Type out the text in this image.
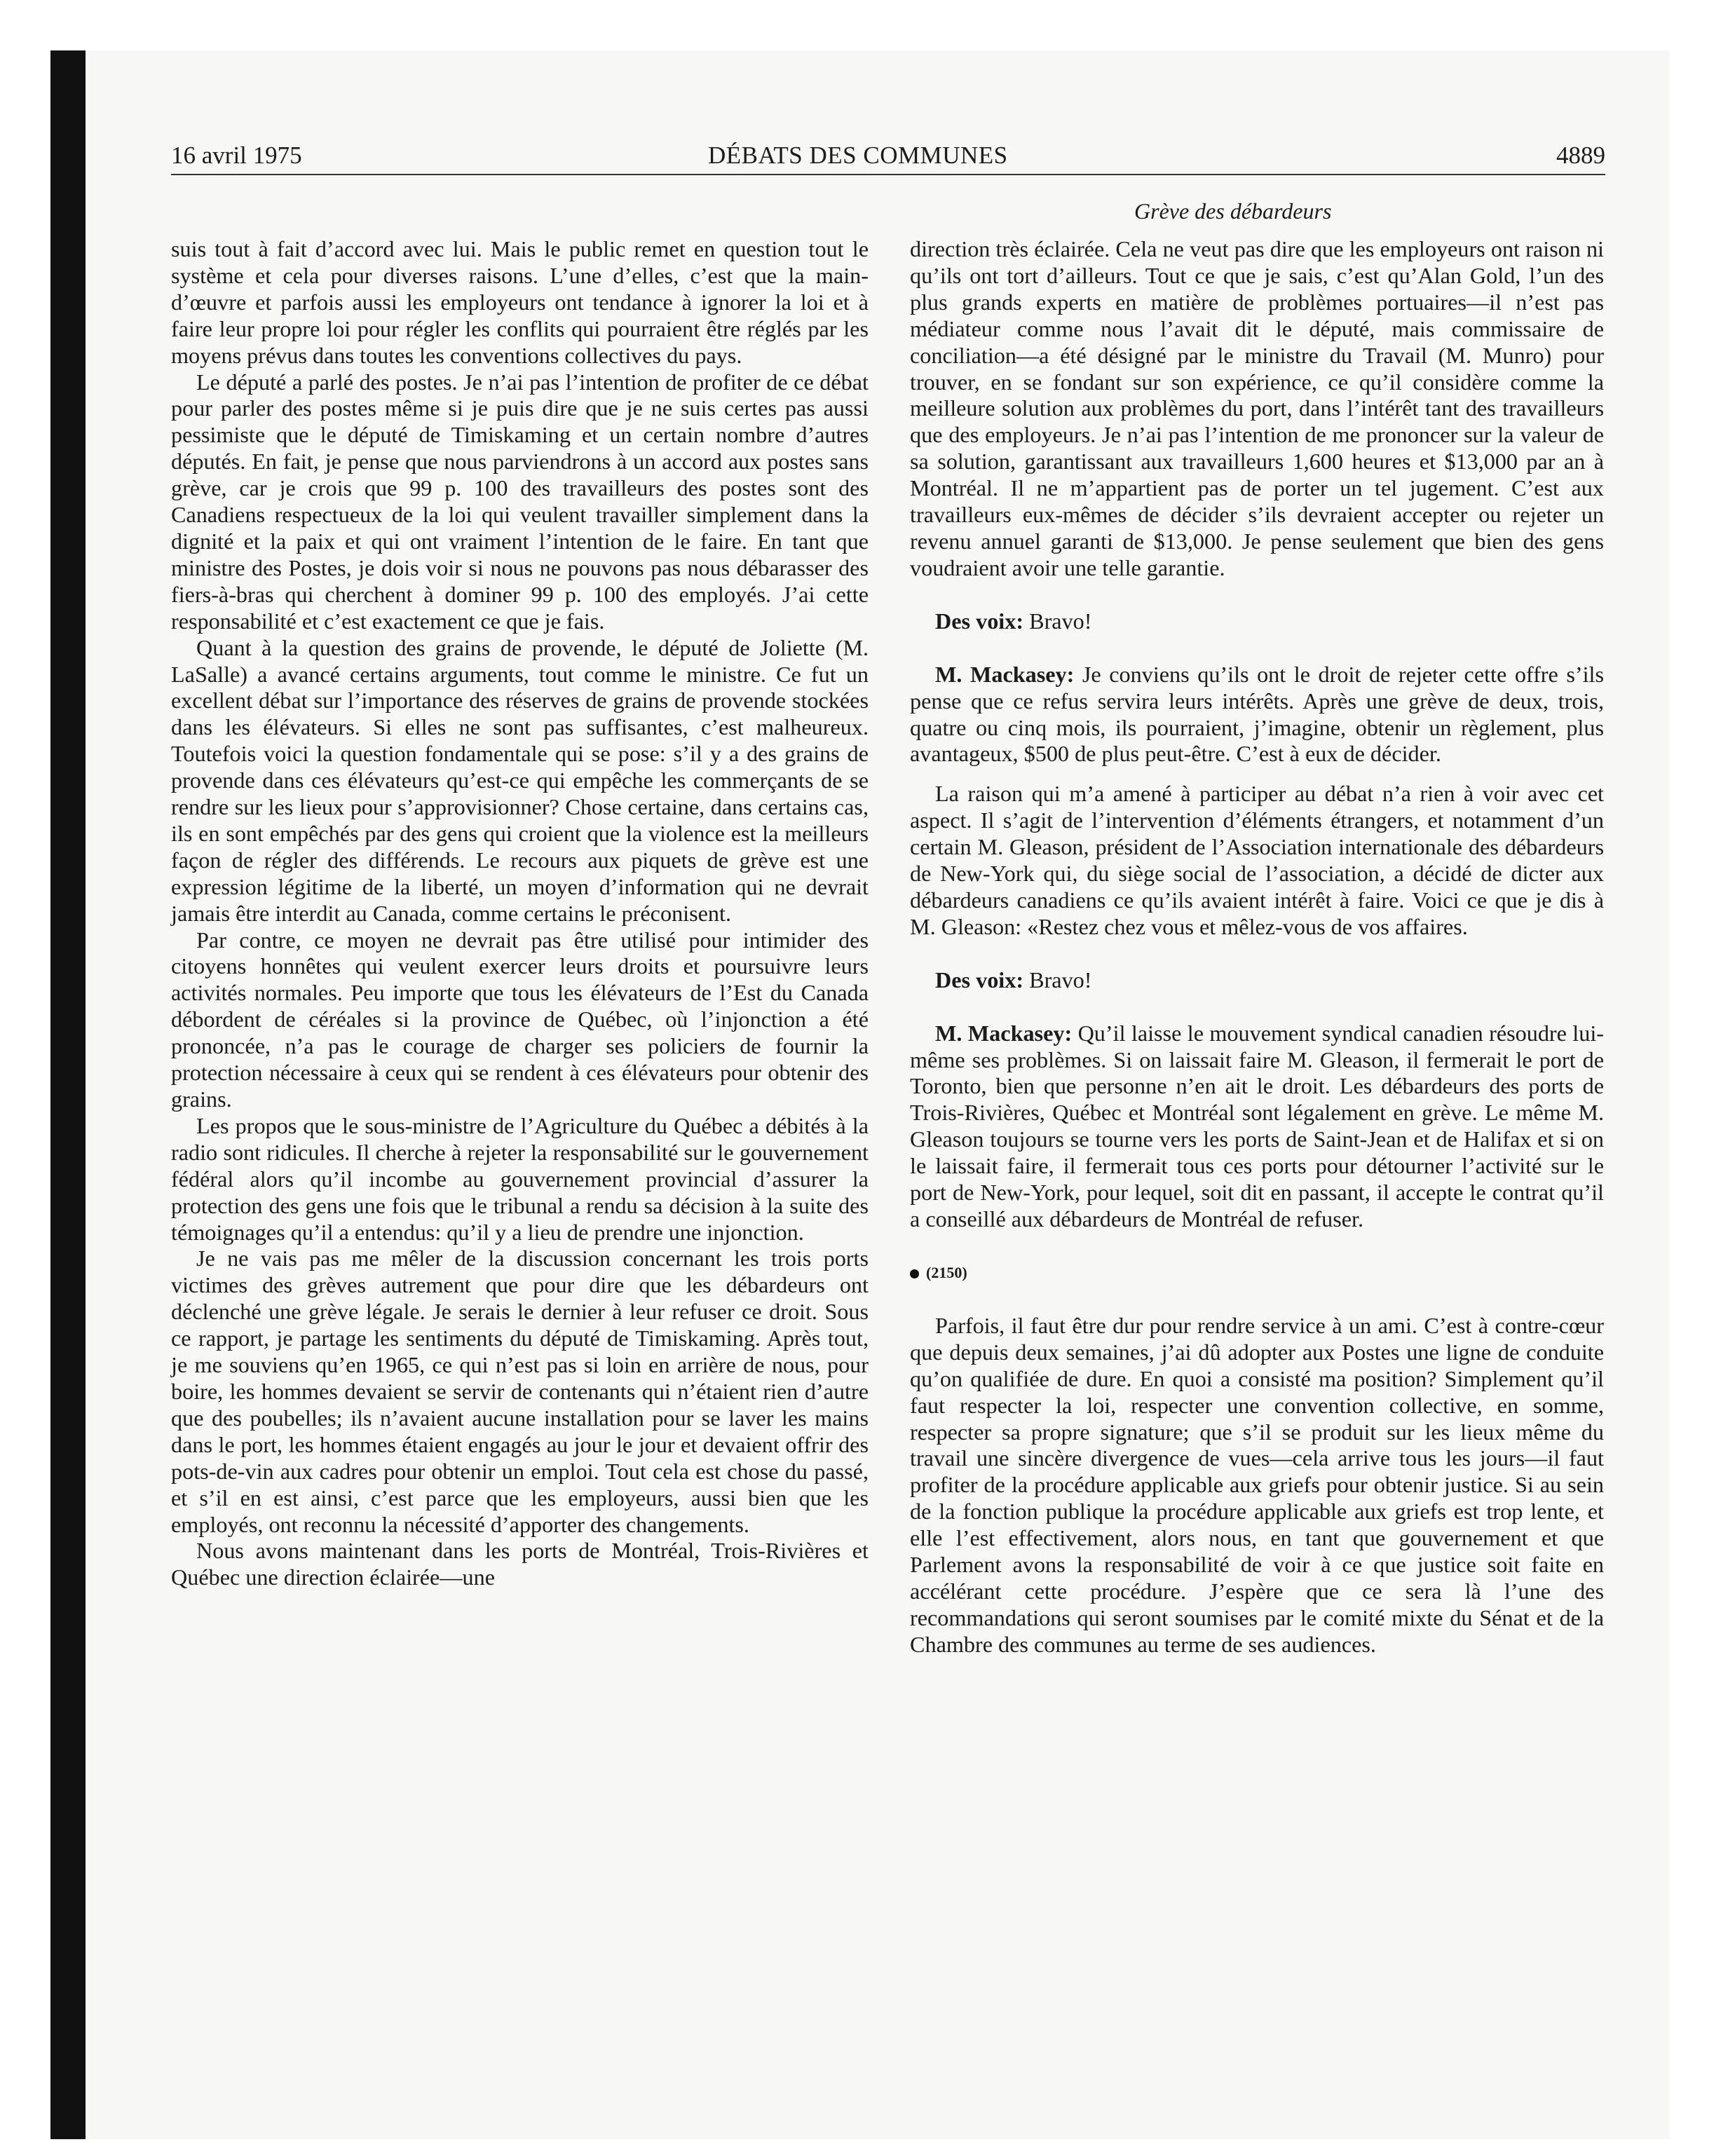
16 avril 1975	DÉBATS DES COMMUNES	4889
Grève des débardeurs

suis tout à fait d’accord avec lui. Mais le public remet en question tout le système et cela pour diverses raisons. L’une d’elles, c’est que la main-d’œuvre et parfois aussi les employeurs ont tendance à ignorer la loi et à faire leur propre loi pour régler les conflits qui pourraient être réglés par les moyens prévus dans toutes les conventions collectives du pays.

Le député a parlé des postes. Je n’ai pas l’intention de profiter de ce débat pour parler des postes même si je puis dire que je ne suis certes pas aussi pessimiste que le député de Timiskaming et un certain nombre d’autres députés. En fait, je pense que nous parviendrons à un accord aux postes sans grève, car je crois que 99 p. 100 des travailleurs des postes sont des Canadiens respectueux de la loi qui veulent travailler simplement dans la dignité et la paix et qui ont vraiment l’intention de le faire. En tant que ministre des Postes, je dois voir si nous ne pouvons pas nous débarasser des fiers-à-bras qui cherchent à dominer 99 p. 100 des employés. J’ai cette responsabilité et c’est exactement ce que je fais.

Quant à la question des grains de provende, le député de Joliette (M. LaSalle) a avancé certains arguments, tout comme le ministre. Ce fut un excellent débat sur l’importance des réserves de grains de provende stockées dans les élévateurs. Si elles ne sont pas suffisantes, c’est malheureux. Toutefois voici la question fondamentale qui se pose: s’il y a des grains de provende dans ces élévateurs qu’est-ce qui empêche les commerçants de se rendre sur les lieux pour s’approvisionner? Chose certaine, dans certains cas, ils en sont empêchés par des gens qui croient que la violence est la meilleurs façon de régler des différends. Le recours aux piquets de grève est une expression légitime de la liberté, un moyen d’information qui ne devrait jamais être interdit au Canada, comme certains le préconisent.

Par contre, ce moyen ne devrait pas être utilisé pour intimider des citoyens honnêtes qui veulent exercer leurs droits et poursuivre leurs activités normales. Peu importe que tous les élévateurs de l’Est du Canada débordent de céréales si la province de Québec, où l’injonction a été prononcée, n’a pas le courage de charger ses policiers de fournir la protection nécessaire à ceux qui se rendent à ces élévateurs pour obtenir des grains.

Les propos que le sous-ministre de l’Agriculture du Québec a débités à la radio sont ridicules. Il cherche à rejeter la responsabilité sur le gouvernement fédéral alors qu’il incombe au gouvernement provincial d’assurer la protection des gens une fois que le tribunal a rendu sa décision à la suite des témoignages qu’il a entendus: qu’il y a lieu de prendre une injonction.

Je ne vais pas me mêler de la discussion concernant les trois ports victimes des grèves autrement que pour dire que les débardeurs ont déclenché une grève légale. Je serais le dernier à leur refuser ce droit. Sous ce rapport, je partage les sentiments du député de Timiskaming. Après tout, je me souviens qu’en 1965, ce qui n’est pas si loin en arrière de nous, pour boire, les hommes devaient se servir de contenants qui n’étaient rien d’autre que des poubelles; ils n’avaient aucune installation pour se laver les mains dans le port, les hommes étaient engagés au jour le jour et devaient offrir des pots-de-vin aux cadres pour obtenir un emploi. Tout cela est chose du passé, et s’il en est ainsi, c’est parce que les employeurs, aussi bien que les employés, ont reconnu la nécessité d’apporter des changements.

Nous avons maintenant dans les ports de Montréal, Trois-Rivières et Québec une direction éclairée—une

direction très éclairée. Cela ne veut pas dire que les employeurs ont raison ni qu’ils ont tort d’ailleurs. Tout ce que je sais, c’est qu’Alan Gold, l’un des plus grands experts en matière de problèmes portuaires—il n’est pas médiateur comme nous l’avait dit le député, mais commissaire de conciliation—a été désigné par le ministre du Travail (M. Munro) pour trouver, en se fondant sur son expérience, ce qu’il considère comme la meilleure solution aux problèmes du port, dans l’intérêt tant des travailleurs que des employeurs. Je n’ai pas l’intention de me prononcer sur la valeur de sa solution, garantissant aux travailleurs 1,600 heures et $13,000 par an à Montréal. Il ne m’appartient pas de porter un tel jugement. C’est aux travailleurs eux-mêmes de décider s’ils devraient accepter ou rejeter un revenu annuel garanti de $13,000. Je pense seulement que bien des gens voudraient avoir une telle garantie.

Des voix: Bravo!

M. Mackasey: Je conviens qu’ils ont le droit de rejeter cette offre s’ils pense que ce refus servira leurs intérêts. Après une grève de deux, trois, quatre ou cinq mois, ils pourraient, j’imagine, obtenir un règlement, plus avantageux, $500 de plus peut-être. C’est à eux de décider.

La raison qui m’a amené à participer au débat n’a rien à voir avec cet aspect. Il s’agit de l’intervention d’éléments étrangers, et notamment d’un certain M. Gleason, président de l’Association internationale des débardeurs de New-York qui, du siège social de l’association, a décidé de dicter aux débardeurs canadiens ce qu’ils avaient intérêt à faire. Voici ce que je dis à M. Gleason: «Restez chez vous et mêlez-vous de vos affaires.

Des voix: Bravo!

M. Mackasey: Qu’il laisse le mouvement syndical canadien résoudre lui-même ses problèmes. Si on laissait faire M. Gleason, il fermerait le port de Toronto, bien que personne n’en ait le droit. Les débardeurs des ports de Trois-Rivières, Québec et Montréal sont légalement en grève. Le même M. Gleason toujours se tourne vers les ports de Saint-Jean et de Halifax et si on le laissait faire, il fermerait tous ces ports pour détourner l’activité sur le port de New-York, pour lequel, soit dit en passant, il accepte le contrat qu’il a conseillé aux débardeurs de Montréal de refuser.

(2150)

Parfois, il faut être dur pour rendre service à un ami. C’est à contre-cœur que depuis deux semaines, j’ai dû adopter aux Postes une ligne de conduite qu’on qualifiée de dure. En quoi a consisté ma position? Simplement qu’il faut respecter la loi, respecter une convention collective, en somme, respecter sa propre signature; que s’il se produit sur les lieux même du travail une sincère divergence de vues—cela arrive tous les jours—il faut profiter de la procédure applicable aux griefs pour obtenir justice. Si au sein de la fonction publique la procédure applicable aux griefs est trop lente, et elle l’est effectivement, alors nous, en tant que gouvernement et que Parlement avons la responsabilité de voir à ce que justice soit faite en accélérant cette procédure. J’espère que ce sera là l’une des recommandations qui seront soumises par le comité mixte du Sénat et de la Chambre des communes au terme de ses audiences.
